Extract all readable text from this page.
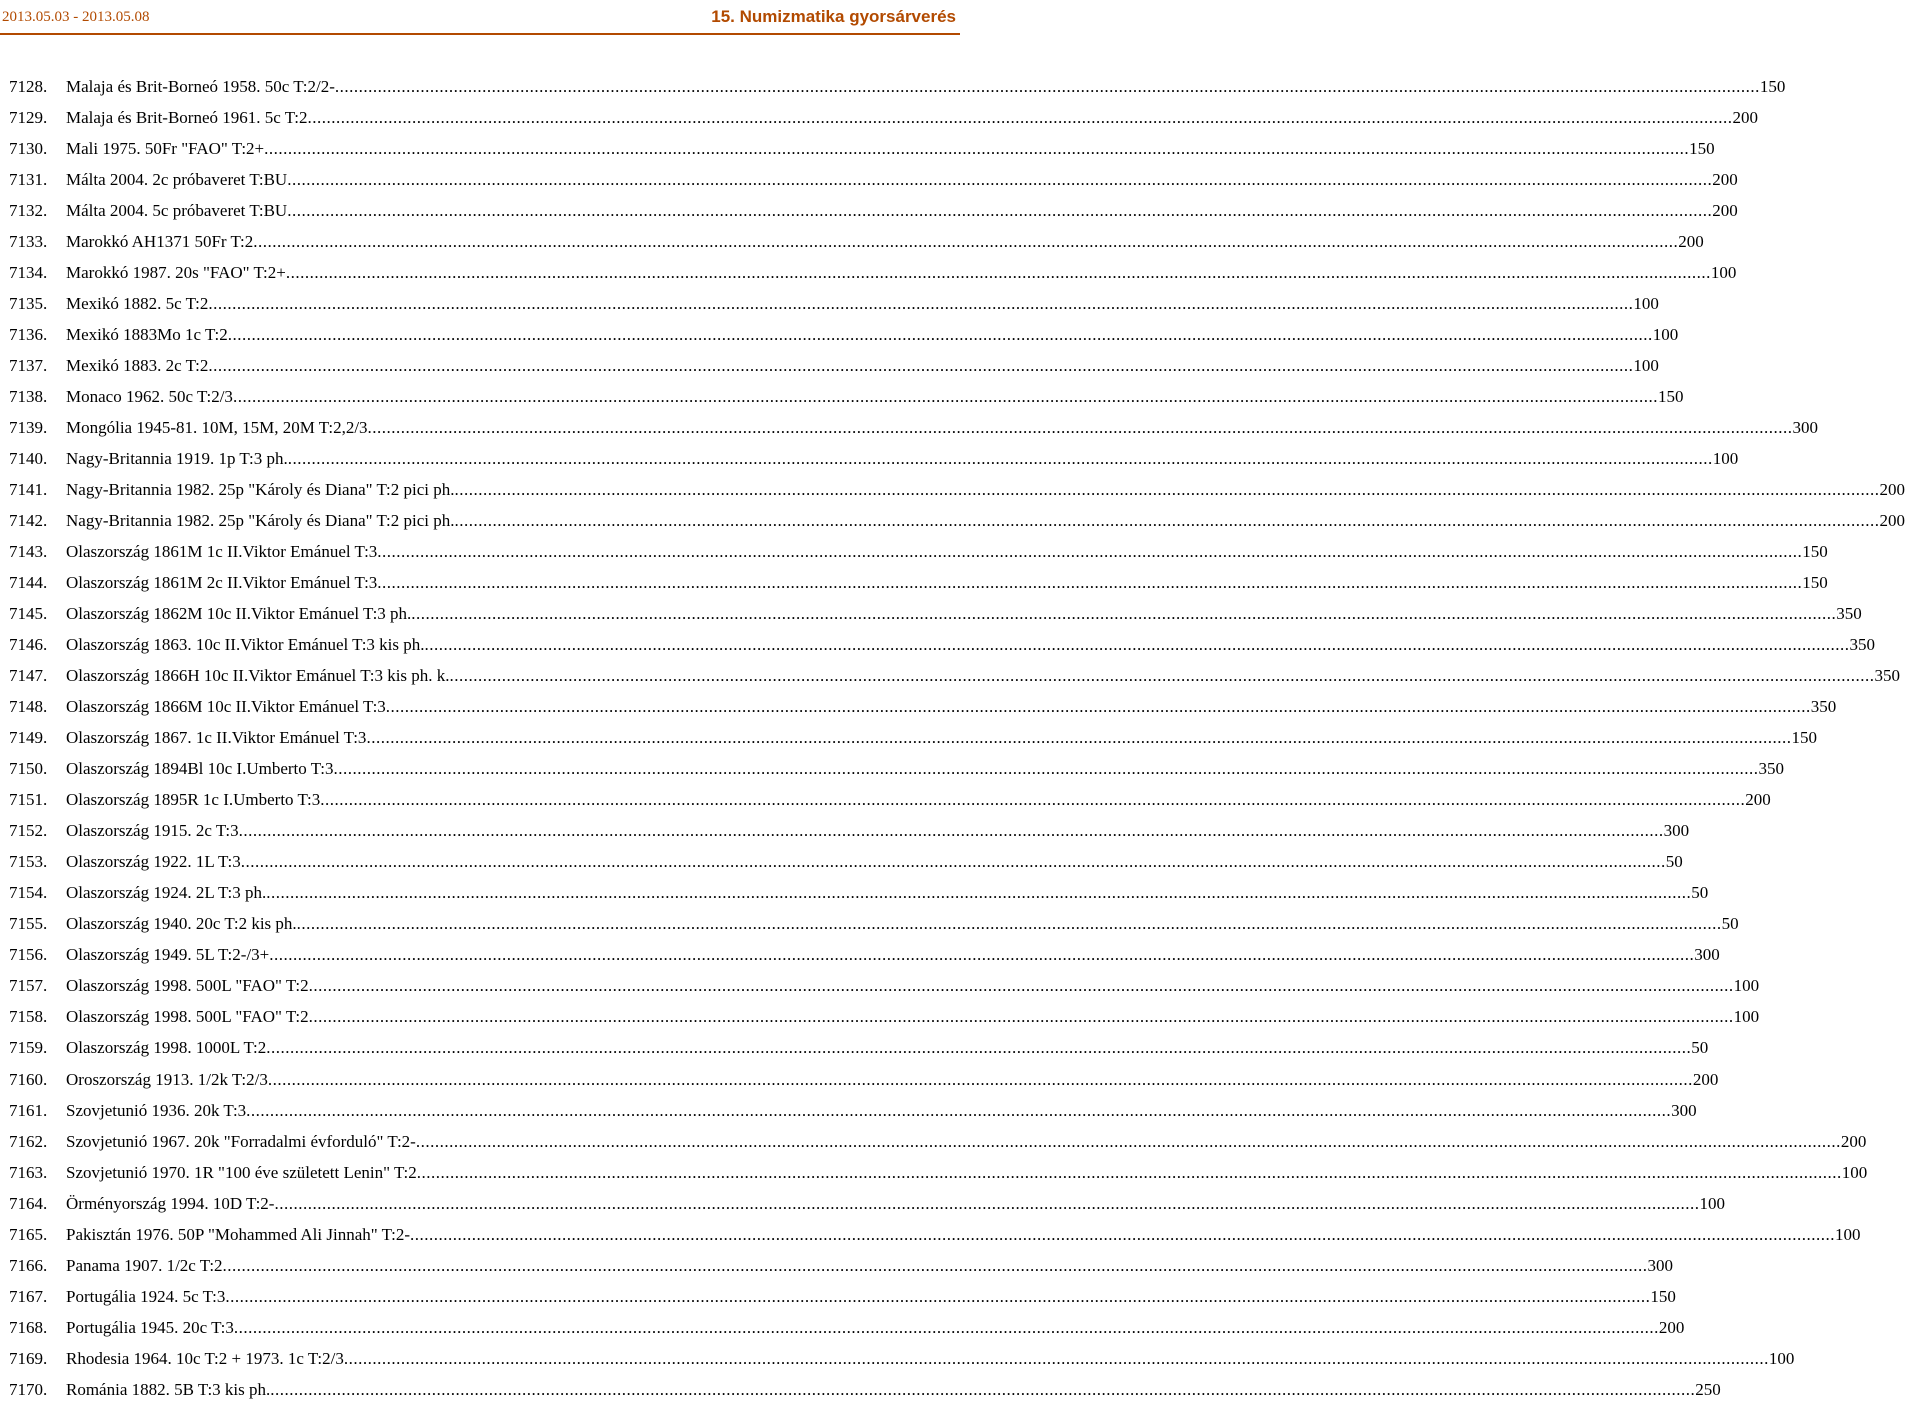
2013.05.03 - 2013.05.08	15. Numizmatika gyorsárverés
7128. Malaja és Brit-Borneó 1958. 50c T:2/2- ............................................................................................................................................................................................................................................................................................................ 150
7129. Malaja és Brit-Borneó 1961. 5c T:2 ............................................................................................................................................................................................................................................................................................................ 200
7130. Mali 1975. 50Fr "FAO" T:2+ ............................................................................................................................................................................................................................................................................................................ 150
7131. Málta 2004. 2c próbaveret T:BU ............................................................................................................................................................................................................................................................................................................ 200
7132. Málta 2004. 5c próbaveret T:BU ............................................................................................................................................................................................................................................................................................................ 200
7133. Marokkó AH1371 50Fr T:2 ............................................................................................................................................................................................................................................................................................................ 200
7134. Marokkó 1987. 20s "FAO" T:2+ ............................................................................................................................................................................................................................................................................................................ 100
7135. Mexikó 1882. 5c T:2 ............................................................................................................................................................................................................................................................................................................ 100
7136. Mexikó 1883Mo 1c T:2 ............................................................................................................................................................................................................................................................................................................ 100
7137. Mexikó 1883. 2c T:2 ............................................................................................................................................................................................................................................................................................................ 100
7138. Monaco 1962. 50c T:2/3 ............................................................................................................................................................................................................................................................................................................ 150
7139. Mongólia 1945-81. 10M, 15M, 20M T:2,2/3 ............................................................................................................................................................................................................................................................................................................ 300
7140. Nagy-Britannia 1919. 1p T:3 ph. ............................................................................................................................................................................................................................................................................................................ 100
7141. Nagy-Britannia 1982. 25p "Károly és Diana" T:2 pici ph. ............................................................................................................................................................................................................................................................................................................ 200
7142. Nagy-Britannia 1982. 25p "Károly és Diana" T:2 pici ph. ............................................................................................................................................................................................................................................................................................................ 200
7143. Olaszország 1861M 1c II.Viktor Emánuel T:3 ............................................................................................................................................................................................................................................................................................................ 150
7144. Olaszország 1861M 2c II.Viktor Emánuel T:3 ............................................................................................................................................................................................................................................................................................................ 150
7145. Olaszország 1862M 10c II.Viktor Emánuel T:3 ph. ............................................................................................................................................................................................................................................................................................................ 350
7146. Olaszország 1863. 10c II.Viktor Emánuel T:3 kis ph. ............................................................................................................................................................................................................................................................................................................ 350
7147. Olaszország 1866H 10c II.Viktor Emánuel T:3 kis ph. k. ............................................................................................................................................................................................................................................................................................................ 350
7148. Olaszország 1866M 10c II.Viktor Emánuel T:3 ............................................................................................................................................................................................................................................................................................................ 350
7149. Olaszország 1867. 1c II.Viktor Emánuel T:3 ............................................................................................................................................................................................................................................................................................................ 150
7150. Olaszország 1894Bl 10c I.Umberto T:3 ............................................................................................................................................................................................................................................................................................................ 350
7151. Olaszország 1895R 1c I.Umberto T:3 ............................................................................................................................................................................................................................................................................................................ 200
7152. Olaszország 1915. 2c T:3 ............................................................................................................................................................................................................................................................................................................ 300
7153. Olaszország 1922. 1L T:3 ............................................................................................................................................................................................................................................................................................................ 50
7154. Olaszország 1924. 2L T:3 ph. ............................................................................................................................................................................................................................................................................................................ 50
7155. Olaszország 1940. 20c T:2 kis ph. ............................................................................................................................................................................................................................................................................................................ 50
7156. Olaszország 1949. 5L T:2-/3+ ............................................................................................................................................................................................................................................................................................................ 300
7157. Olaszország 1998. 500L "FAO" T:2 ............................................................................................................................................................................................................................................................................................................ 100
7158. Olaszország 1998. 500L "FAO" T:2 ............................................................................................................................................................................................................................................................................................................ 100
7159. Olaszország 1998. 1000L T:2 ............................................................................................................................................................................................................................................................................................................ 50
7160. Oroszország 1913. 1/2k T:2/3 ............................................................................................................................................................................................................................................................................................................ 200
7161. Szovjetunió 1936. 20k T:3 ............................................................................................................................................................................................................................................................................................................ 300
7162. Szovjetunió 1967. 20k "Forradalmi évforduló" T:2- ............................................................................................................................................................................................................................................................................................................ 200
7163. Szovjetunió 1970. 1R "100 éve született Lenin" T:2 ............................................................................................................................................................................................................................................................................................................ 100
7164. Örményország 1994. 10D T:2- ............................................................................................................................................................................................................................................................................................................ 100
7165. Pakisztán 1976. 50P "Mohammed Ali Jinnah" T:2- ............................................................................................................................................................................................................................................................................................................ 100
7166. Panama 1907. 1/2c T:2 ............................................................................................................................................................................................................................................................................................................ 300
7167. Portugália 1924. 5c T:3 ............................................................................................................................................................................................................................................................................................................ 150
7168. Portugália 1945. 20c T:3 ............................................................................................................................................................................................................................................................................................................ 200
7169. Rhodesia 1964. 10c T:2 + 1973. 1c T:2/3 ............................................................................................................................................................................................................................................................................................................ 100
7170. Románia 1882. 5B T:3 kis ph. ............................................................................................................................................................................................................................................................................................................ 250
